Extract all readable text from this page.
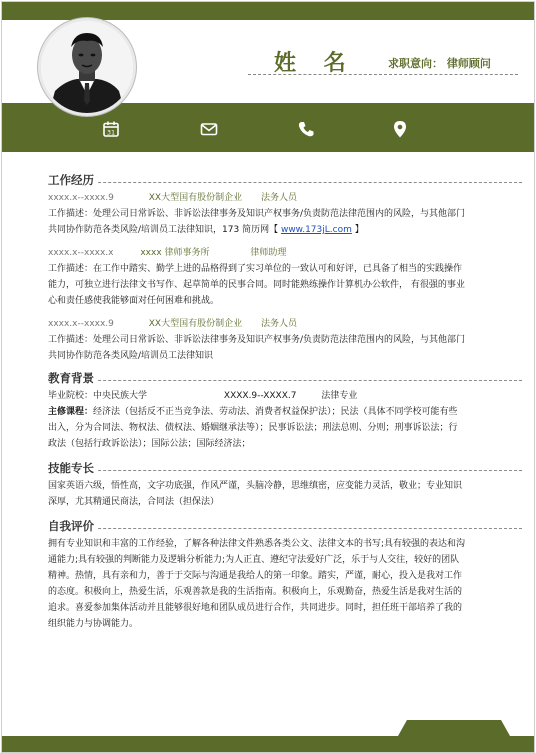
姓 名	求职意向： 律师顾问
31
工作经历
xxxx.x--xxxx.9	XX大型国有股份制企业 法务人员
工作描述：处理公司日常诉讼、非诉讼法律事务及知识产权事务/负责防范法律范围内的风险，与其他部门
共同协作防范各类风险/培训员工法律知识，173 简历网【 www.173jL.com 】
xxxx.x--xxxx.x	xxxx 律师事务所	律师助理
工作描述：在工作中踏实、勤学上进的品格得到了实习单位的一致认可和好评，已具备了相当的实践操作
能力，可独立进行法律文书写作、起草简单的民事合同。同时能熟练操作计算机办公软件， 有很强的事业
心和责任感使我能够面对任何困难和挑战。
xxxx.x--xxxx.9	XX大型国有股份制企业 法务人员
工作描述：处理公司日常诉讼、非诉讼法律事务及知识产权事务/负责防范法律范围内的风险，与其他部门
共同协作防范各类风险/培训员工法律知识
教育背景
毕业院校：中央民族大学	XXXX.9--XXXX.7	法律专业
主修课程：经济法（包括反不正当竞争法、劳动法、消费者权益保护法）；民法（具体不同学校可能有些
出入，分为合同法、物权法、债权法、婚姻继承法等）；民事诉讼法；刑法总则、分则；刑事诉讼法；行
政法（包括行政诉讼法）；国际公法；国际经济法；
技能专长
国家英语六级，悟性高，文字功底强，作风严谨，头脑冷静，思维缜密，应变能力灵活，敬业；专业知识
深厚，尤其精通民商法，合同法（担保法）
自我评价
拥有专业知识和丰富的工作经验，了解各种法律文件熟悉各类公文、法律文本的书写;具有较强的表达和沟
通能力;具有较强的判断能力及逻辑分析能力;为人正直、遵纪守法爱好广泛，乐于与人交往，较好的团队
精神。热情，具有亲和力，善于于交际与沟通是我给人的第一印象。踏实，严谨，耐心，投入是我对工作
的态度。积极向上，热爱生活，乐观善款是我的生活指南。积极向上，乐观勤奋，热爱生活是我对生活的
追求。喜爱参加集体活动并且能够很好地和团队成员进行合作，共同进步。同时，担任班干部培养了我的
组织能力与协调能力。
